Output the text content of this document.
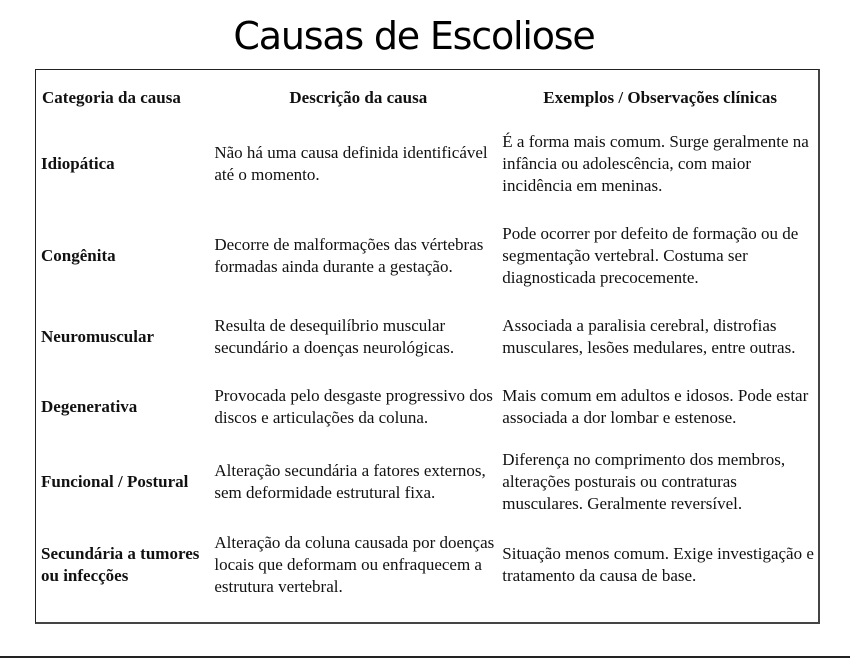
Causas de Escoliose
Categoria da causa	Descrição da causa	Exemplos / Observações clínicas
Idiopática	Não há uma causa definida identificável até o momento.	É a forma mais comum. Surge geralmente na infância ou adolescência, com maior incidência em meninas.
Congênita	Decorre de malformações das vértebras formadas ainda durante a gestação.	Pode ocorrer por defeito de formação ou de segmentação vertebral. Costuma ser diagnosticada precocemente.
Neuromuscular	Resulta de desequilíbrio muscular secundário a doenças neurológicas.	Associada a paralisia cerebral, distrofias musculares, lesões medulares, entre outras.
Degenerativa	Provocada pelo desgaste progressivo dos discos e articulações da coluna.	Mais comum em adultos e idosos. Pode estar associada a dor lombar e estenose.
Funcional / Postural	Alteração secundária a fatores externos, sem deformidade estrutural fixa.	Diferença no comprimento dos membros, alterações posturais ou contraturas musculares. Geralmente reversível.
Secundária a tumores ou infecções	Alteração da coluna causada por doenças locais que deformam ou enfraquecem a estrutura vertebral.	Situação menos comum. Exige investigação e tratamento da causa de base.
